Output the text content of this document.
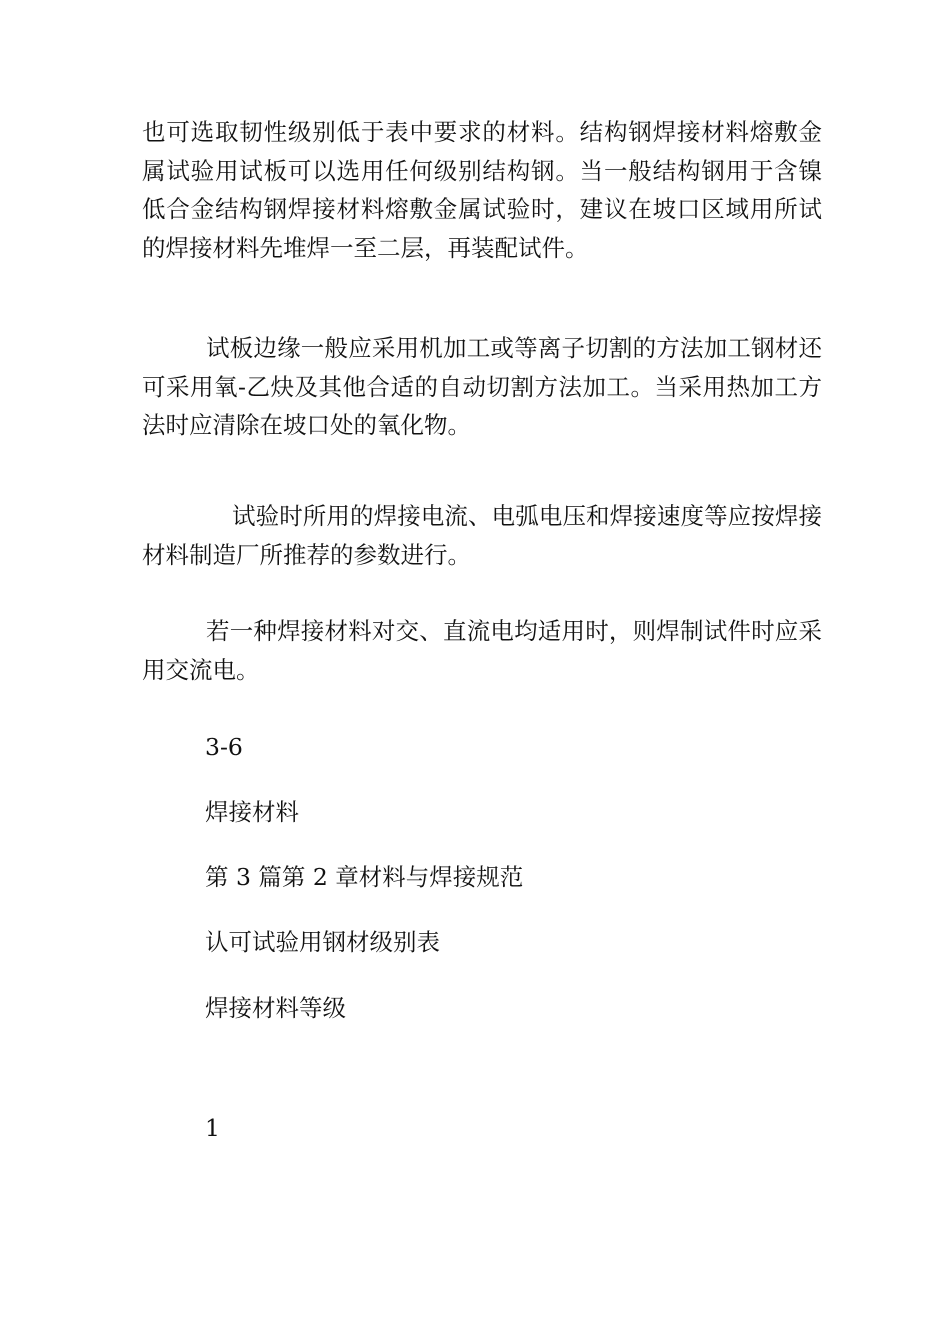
也可选取韧性级别低于表中要求的材料。结构钢焊接材料熔敷金属试验用试板可以选用任何级别结构钢。当一般结构钢用于含镍低合金结构钢焊接材料熔敷金属试验时，建议在坡口区域用所试的焊接材料先堆焊一至二层，再装配试件。

试板边缘一般应采用机加工或等离子切割的方法加工钢材还可采用氧-乙炔及其他合适的自动切割方法加工。当采用热加工方法时应清除在坡口处的氧化物。

试验时所用的焊接电流、电弧电压和焊接速度等应按焊接材料制造厂所推荐的参数进行。

若一种焊接材料对交、直流电均适用时，则焊制试件时应采用交流电。

3-6

焊接材料

第 3 篇第 2 章材料与焊接规范

认可试验用钢材级别表

焊接材料等级

1
